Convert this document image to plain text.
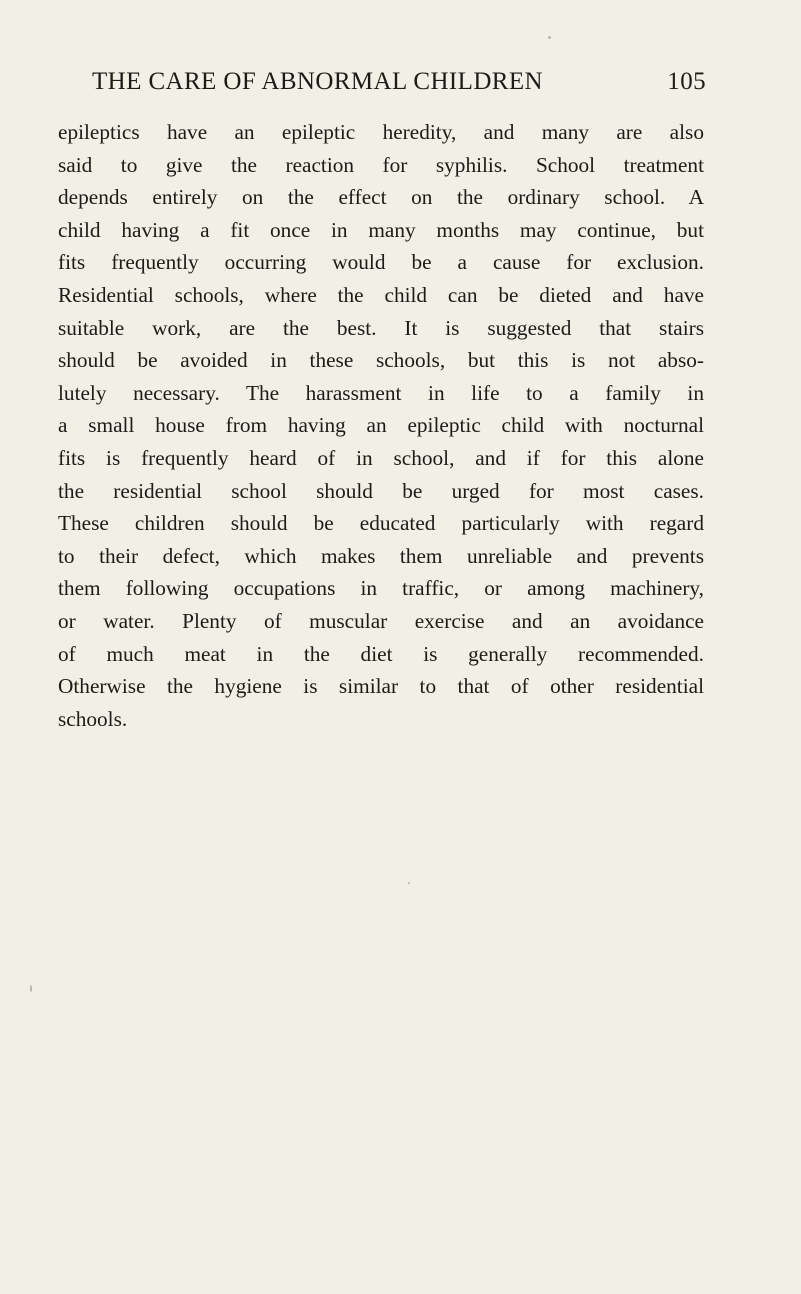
THE CARE OF ABNORMAL CHILDREN	105
epileptics have an epileptic heredity, and many are also
said to give the reaction for syphilis. School treatment
depends entirely on the effect on the ordinary school. A
child having a fit once in many months may continue, but
fits frequently occurring would be a cause for exclusion.
Residential schools, where the child can be dieted and have
suitable work, are the best. It is suggested that stairs
should be avoided in these schools, but this is not abso-
lutely necessary. The harassment in life to a family in
a small house from having an epileptic child with nocturnal
fits is frequently heard of in school, and if for this alone
the residential school should be urged for most cases.
These children should be educated particularly with regard
to their defect, which makes them unreliable and prevents
them following occupations in traffic, or among machinery,
or water. Plenty of muscular exercise and an avoidance
of much meat in the diet is generally recommended.
Otherwise the hygiene is similar to that of other residential
schools.
